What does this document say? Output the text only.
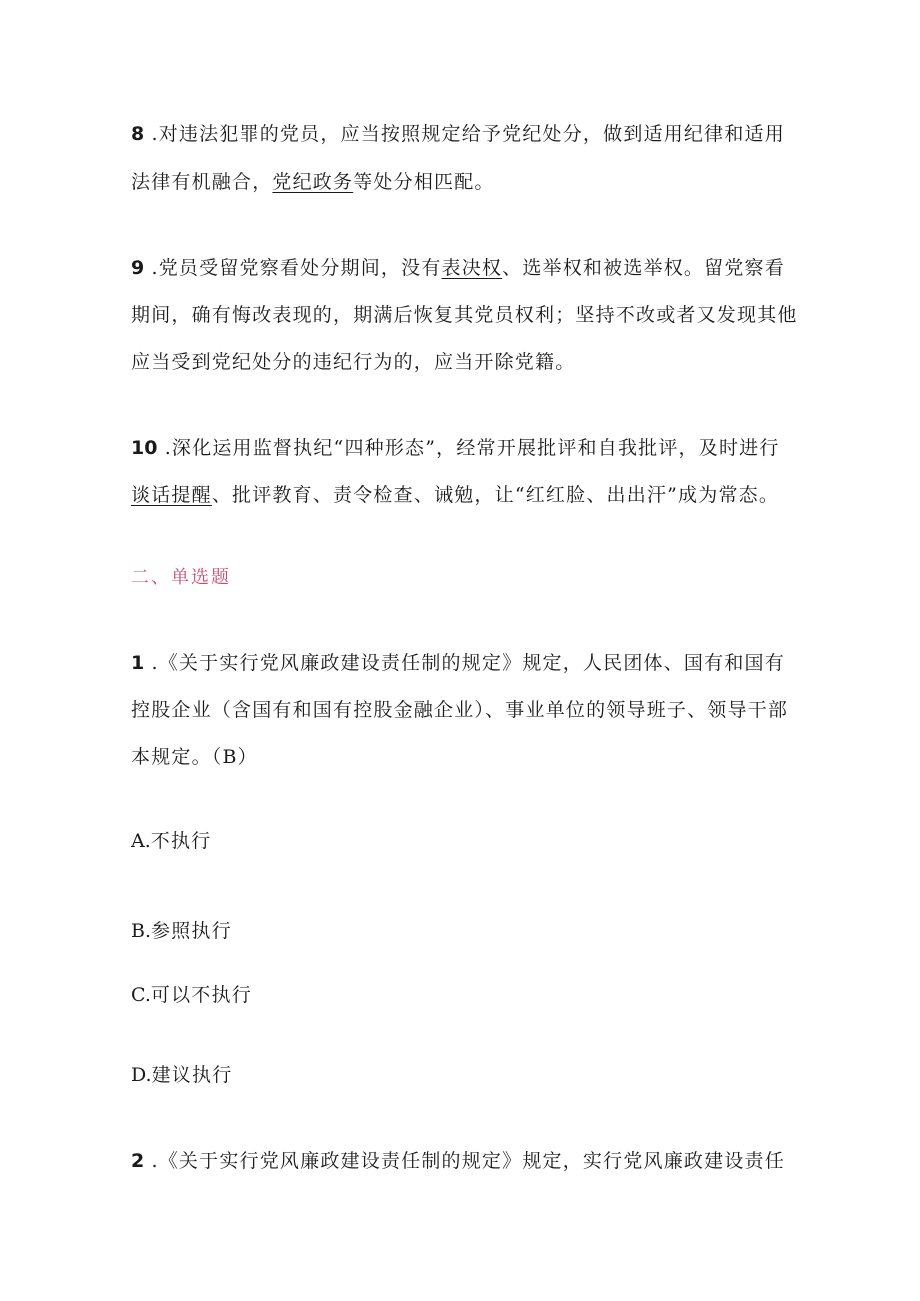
8 .对违法犯罪的党员，应当按照规定给予党纪处分，做到适用纪律和适用
法律有机融合，党纪政务等处分相匹配。
9 .党员受留党察看处分期间，没有表决权、选举权和被选举权。留党察看
期间，确有悔改表现的，期满后恢复其党员权利；坚持不改或者又发现其他
应当受到党纪处分的违纪行为的，应当开除党籍。
10 .深化运用监督执纪“四种形态”，经常开展批评和自我批评，及时进行
谈话提醒、批评教育、责令检查、诫勉，让“红红脸、出出汗”成为常态。
二、单选题
1 .《关于实行党风廉政建设责任制的规定》规定，人民团体、国有和国有
控股企业（含国有和国有控股金融企业）、事业单位的领导班子、领导干部
本规定。（B）
A.不执行
B.参照执行
C.可以不执行
D.建议执行
2 .《关于实行党风廉政建设责任制的规定》规定，实行党风廉政建设责任
